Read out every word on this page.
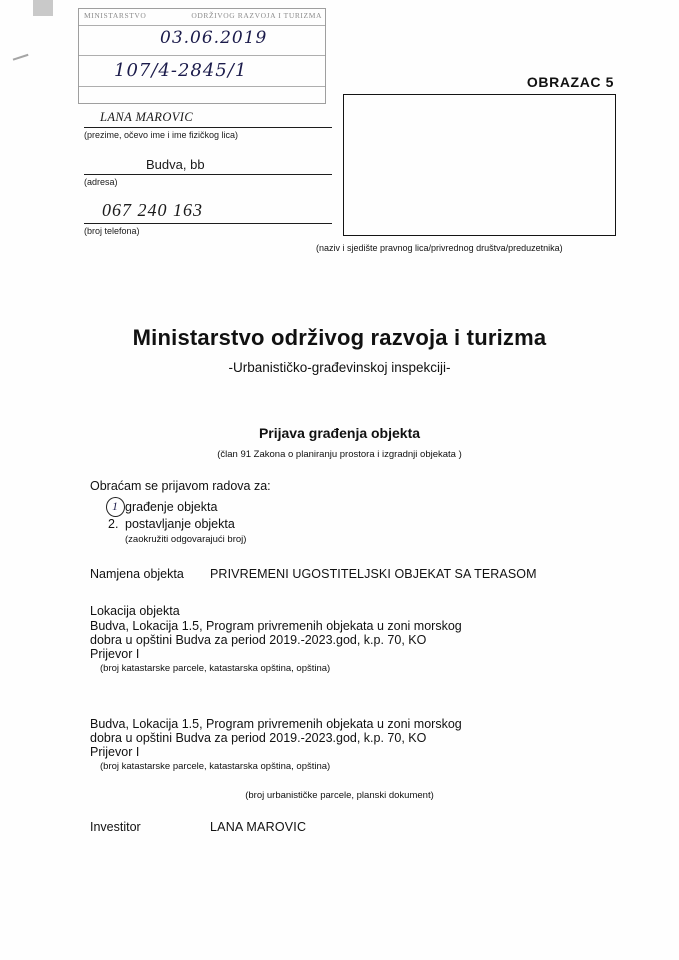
MINISTARSTVO	ODRŽIVOG RAZVOJA I TURIZMA
03.06.2019
107/4-2845/1
LANA MAROVIC
(prezime, očevo ime i ime fizičkog lica)
Budva, bb
(adresa)
067 240 163
(broj telefona)
OBRAZAC 5
(naziv i sjedište pravnog lica/privrednog društva/preduzetnika)
Ministarstvo održivog razvoja i turizma
-Urbanističko-građevinskoj inspekciji-
Prijava građenja objekta
(član 91 Zakona o planiranju prostora i izgradnji objekata )
Obraćam se prijavom radova za:
1 građenje objekta
2. postavljanje objekta
(zaokružiti odgovarajući broj)
Namjena objekta PRIVREMENI UGOSTITELJSKI OBJEKAT SA TERASOM
Lokacija objekta
Budva, Lokacija 1.5, Program privremenih objekata u zoni morskog
dobra u opštini Budva za period 2019.-2023.god, k.p. 70, KO
Prijevor I
(broj katastarske parcele, katastarska opština, opština)
Budva, Lokacija 1.5, Program privremenih objekata u zoni morskog
dobra u opštini Budva za period 2019.-2023.god, k.p. 70, KO
Prijevor I
(broj katastarske parcele, katastarska opština, opština)
(broj urbanističke parcele, planski dokument)
Investitor	LANA MAROVIC
